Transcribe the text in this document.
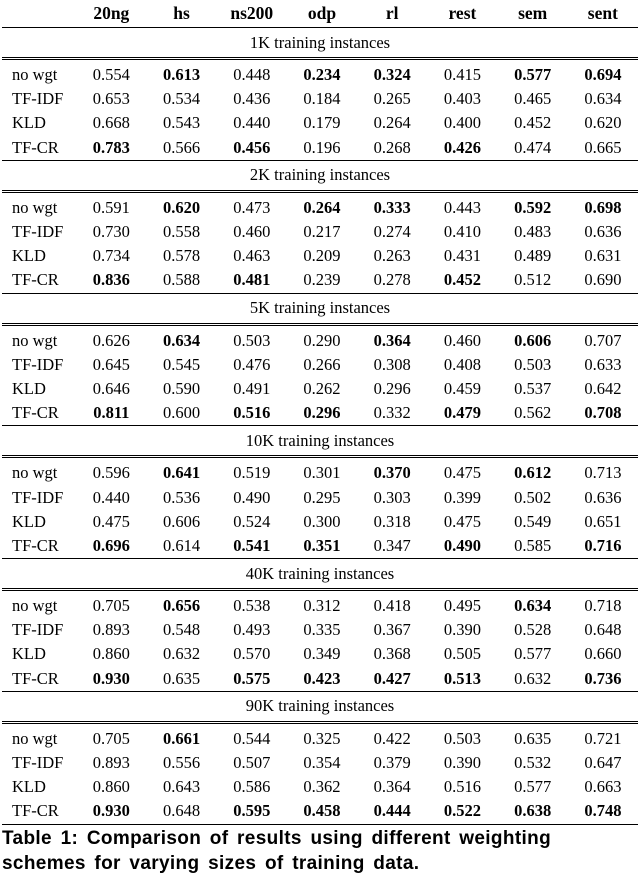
	20ng	hs	ns200	odp	rl	rest	sem	sent
1K training instances								
no wgt	0.554	0.613	0.448	0.234	0.324	0.415	0.577	0.694
TF-IDF	0.653	0.534	0.436	0.184	0.265	0.403	0.465	0.634
KLD	0.668	0.543	0.440	0.179	0.264	0.400	0.452	0.620
TF-CR	0.783	0.566	0.456	0.196	0.268	0.426	0.474	0.665
2K training instances								
no wgt	0.591	0.620	0.473	0.264	0.333	0.443	0.592	0.698
TF-IDF	0.730	0.558	0.460	0.217	0.274	0.410	0.483	0.636
KLD	0.734	0.578	0.463	0.209	0.263	0.431	0.489	0.631
TF-CR	0.836	0.588	0.481	0.239	0.278	0.452	0.512	0.690
5K training instances								
no wgt	0.626	0.634	0.503	0.290	0.364	0.460	0.606	0.707
TF-IDF	0.645	0.545	0.476	0.266	0.308	0.408	0.503	0.633
KLD	0.646	0.590	0.491	0.262	0.296	0.459	0.537	0.642
TF-CR	0.811	0.600	0.516	0.296	0.332	0.479	0.562	0.708
10K training instances								
no wgt	0.596	0.641	0.519	0.301	0.370	0.475	0.612	0.713
TF-IDF	0.440	0.536	0.490	0.295	0.303	0.399	0.502	0.636
KLD	0.475	0.606	0.524	0.300	0.318	0.475	0.549	0.651
TF-CR	0.696	0.614	0.541	0.351	0.347	0.490	0.585	0.716
40K training instances								
no wgt	0.705	0.656	0.538	0.312	0.418	0.495	0.634	0.718
TF-IDF	0.893	0.548	0.493	0.335	0.367	0.390	0.528	0.648
KLD	0.860	0.632	0.570	0.349	0.368	0.505	0.577	0.660
TF-CR	0.930	0.635	0.575	0.423	0.427	0.513	0.632	0.736
90K training instances								
no wgt	0.705	0.661	0.544	0.325	0.422	0.503	0.635	0.721
TF-IDF	0.893	0.556	0.507	0.354	0.379	0.390	0.532	0.647
KLD	0.860	0.643	0.586	0.362	0.364	0.516	0.577	0.663
TF-CR	0.930	0.648	0.595	0.458	0.444	0.522	0.638	0.748
Table 1: Comparison of results using different weighting
schemes for varying sizes of training data.
